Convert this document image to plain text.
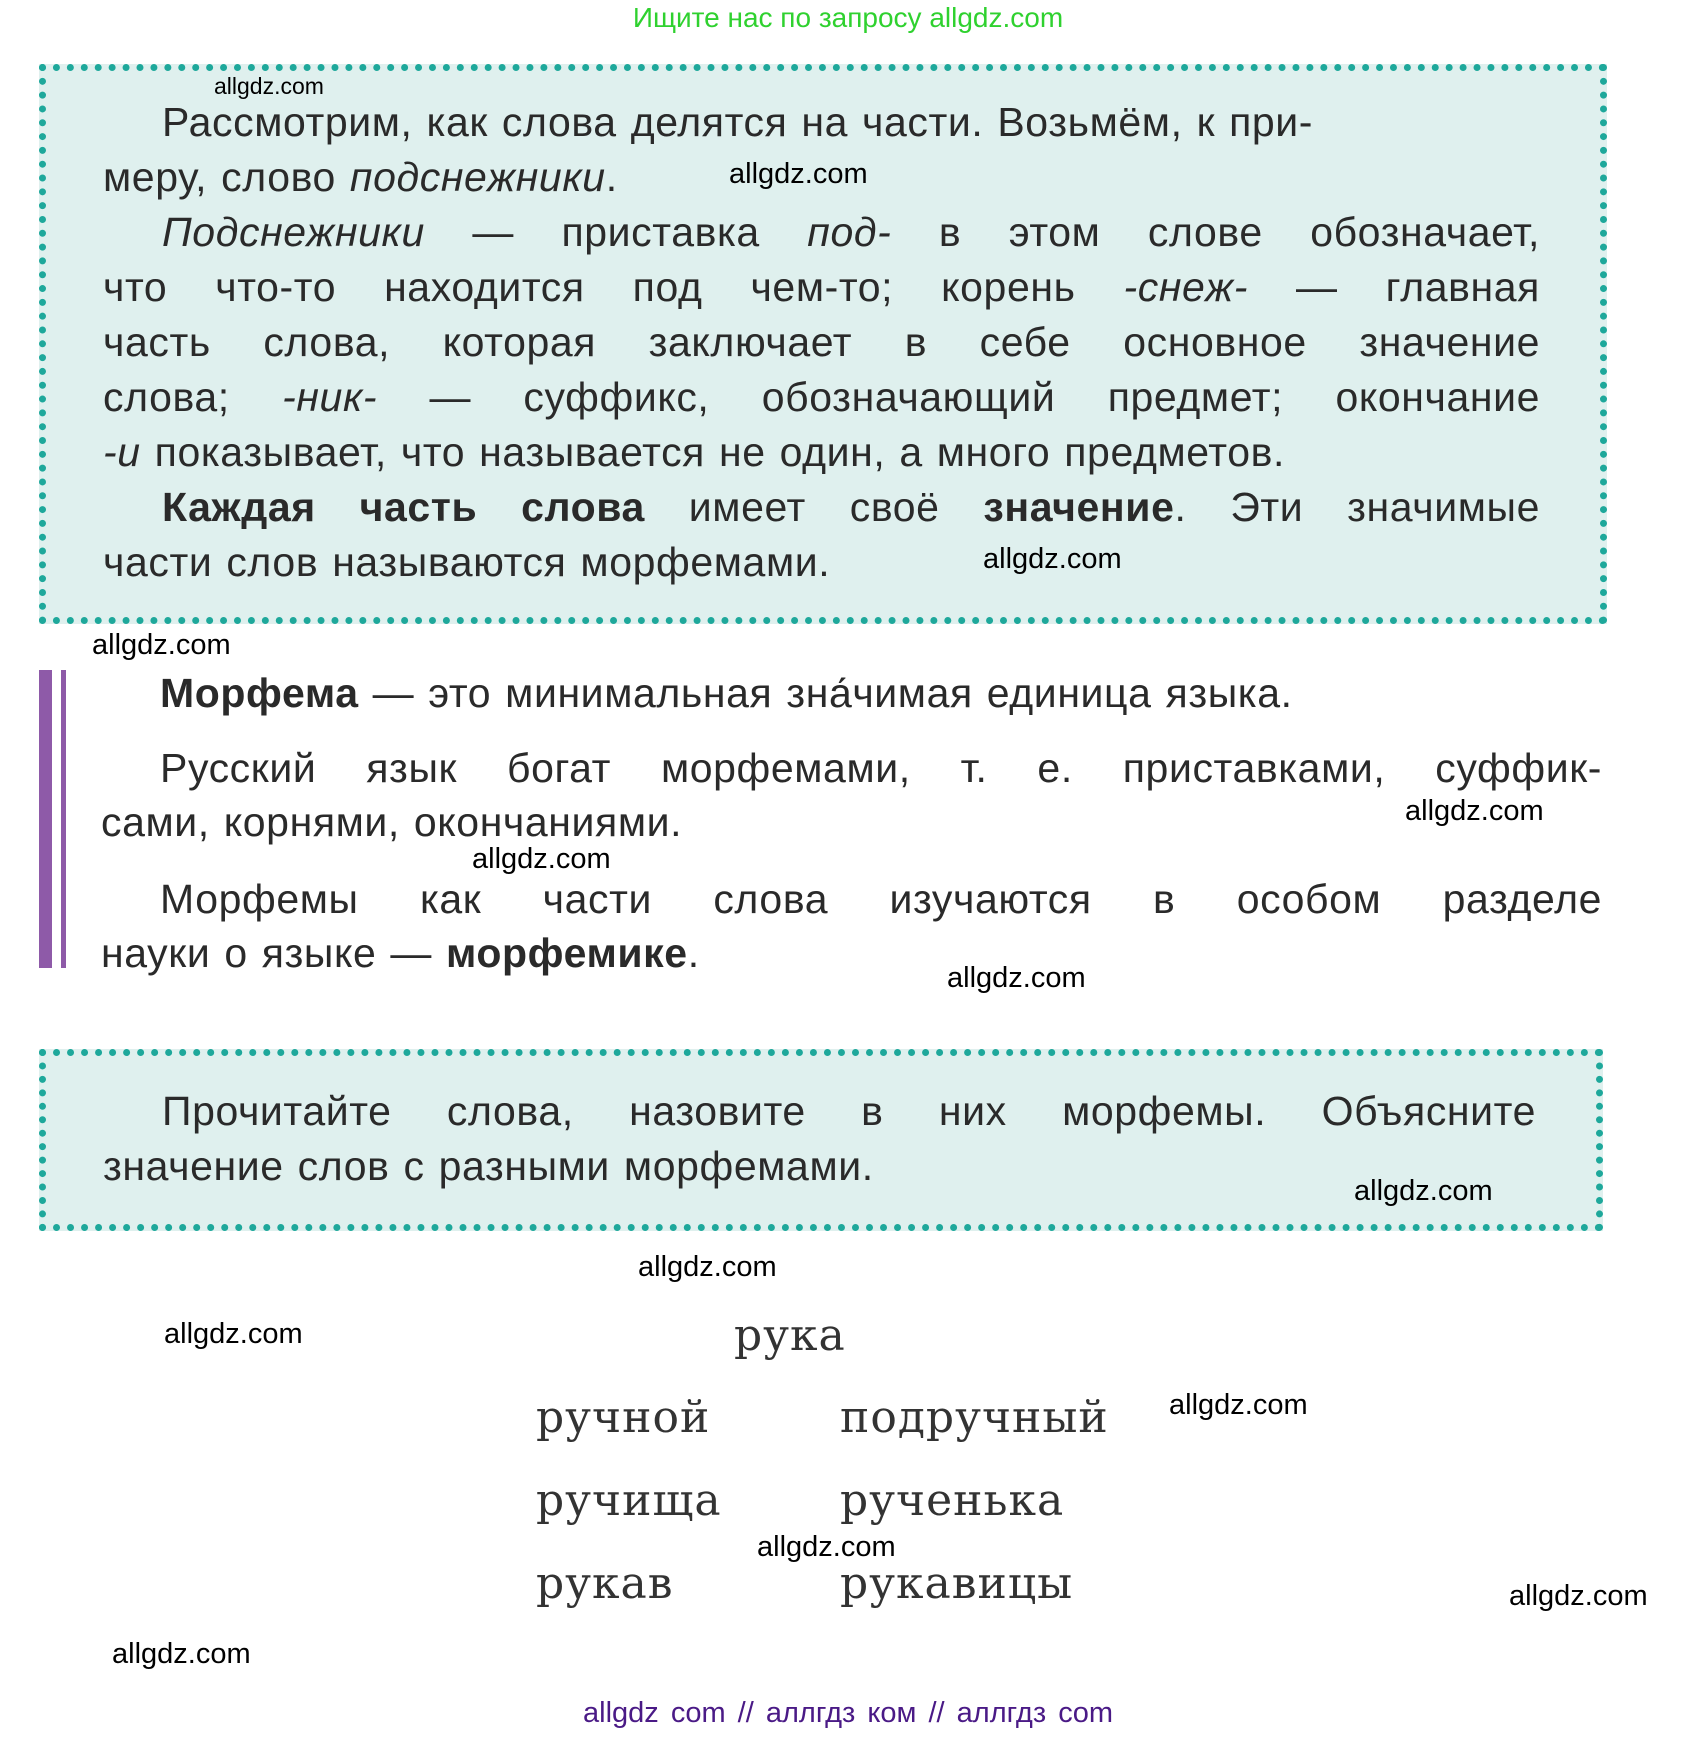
Ищите нас по запросу allgdz.com
Рассмотрим, как слова делятся на части. Возьмём, к при-
меру, слово подснежники.
Подснежники — приставка под- в этом слове обозначает,
что что-то находится под чем-то; корень -снеж- — главная
часть слова, которая заключает в себе основное значение
слова; -ник- — суффикс, обозначающий предмет; окончание
-и показывает, что называется не один, а много предметов.
Каждая часть слова имеет своё значение. Эти значимые
части слов называются морфемами.
Морфема — это минимальная зна́чимая единица языка.
Русский язык богат морфемами, т. е. приставками, суффик-
сами, корнями, окончаниями.
Морфемы как части слова изучаются в особом разделе
науки о языке — морфемике.
Прочитайте слова, назовите в них морфемы. Объясните
значение слов с разными морфемами.
рука
ручной	подручный
ручища	рученька
рукав	рукавицы
allgdz.com
allgdz.com
allgdz.com
allgdz.com
allgdz.com
allgdz.com
allgdz.com
allgdz.com
allgdz.com
allgdz.com
allgdz.com
allgdz.com
allgdz.com
allgdz.com
allgdz com // аллгдз ком // аллгдз com
